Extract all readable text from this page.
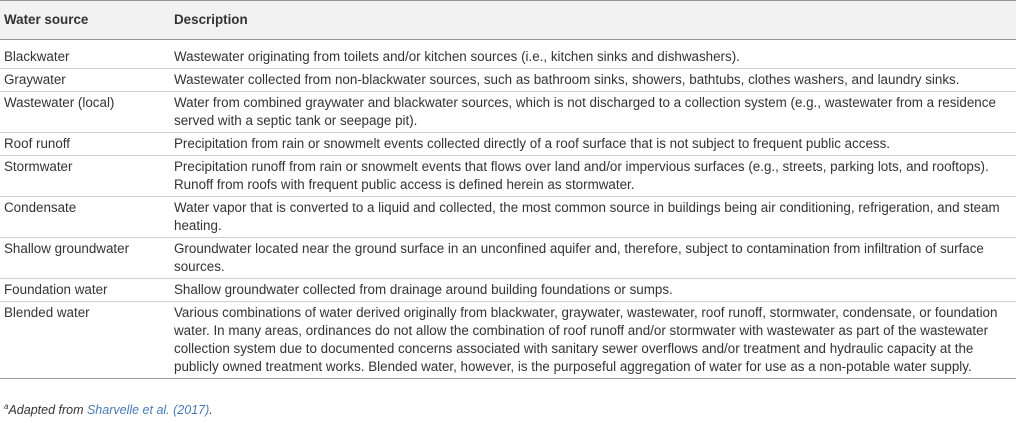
Water source	Description
Blackwater	Wastewater originating from toilets and/or kitchen sources (i.e., kitchen sinks and dishwashers).
Graywater	Wastewater collected from non-blackwater sources, such as bathroom sinks, showers, bathtubs, clothes washers, and laundry sinks.
Wastewater (local)	Water from combined graywater and blackwater sources, which is not discharged to a collection system (e.g., wastewater from a residence served with a septic tank or seepage pit).
Roof runoff	Precipitation from rain or snowmelt events collected directly of a roof surface that is not subject to frequent public access.
Stormwater	Precipitation runoff from rain or snowmelt events that flows over land and/or impervious surfaces (e.g., streets, parking lots, and rooftops). Runoff from roofs with frequent public access is defined herein as stormwater.
Condensate	Water vapor that is converted to a liquid and collected, the most common source in buildings being air conditioning, refrigeration, and steam heating.
Shallow groundwater	Groundwater located near the ground surface in an unconfined aquifer and, therefore, subject to contamination from infiltration of surface sources.
Foundation water	Shallow groundwater collected from drainage around building foundations or sumps.
Blended water	Various combinations of water derived originally from blackwater, graywater, wastewater, roof runoff, stormwater, condensate, or foundation water. In many areas, ordinances do not allow the combination of roof runoff and/or stormwater with wastewater as part of the wastewater collection system due to documented concerns associated with sanitary sewer overflows and/or treatment and hydraulic capacity at the publicly owned treatment works. Blended water, however, is the purposeful aggregation of water for use as a non-potable water supply.
$^a$Adapted from Sharvelle et al. (2017).
